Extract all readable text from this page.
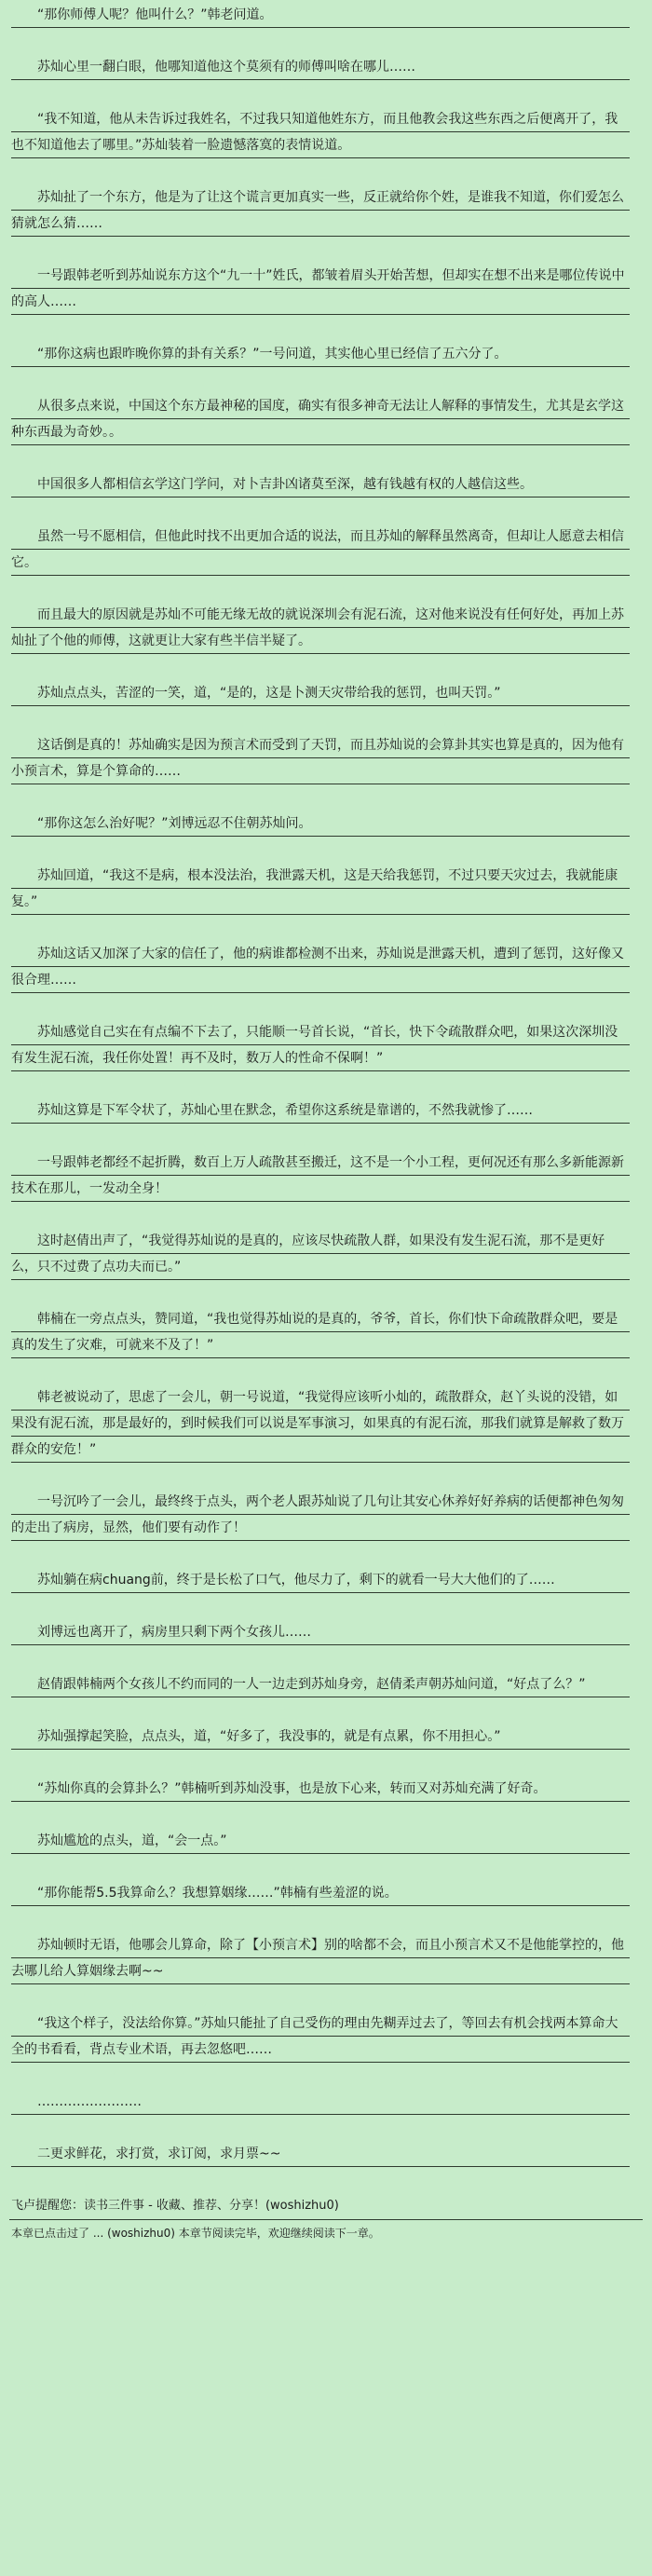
“那你师傅人呢？他叫什么？”韩老问道。
苏灿心里一翻白眼，他哪知道他这个莫须有的师傅叫啥在哪儿……
“我不知道，他从未告诉过我姓名，不过我只知道他姓东方，而且他教会我这些东西之后便离开了，我也不知道他去了哪里。”苏灿装着一脸遗憾落寞的表情说道。
苏灿扯了一个东方，他是为了让这个谎言更加真实一些，反正就给你个姓，是谁我不知道，你们爱怎么猜就怎么猜……
一号跟韩老听到苏灿说东方这个“九一十”姓氏，都皱着眉头开始苦想，但却实在想不出来是哪位传说中的高人……
“那你这病也跟昨晚你算的卦有关系？”一号问道，其实他心里已经信了五六分了。
从很多点来说，中国这个东方最神秘的国度，确实有很多神奇无法让人解释的事情发生，尤其是玄学这种东西最为奇妙。。
中国很多人都相信玄学这门学问，对卜吉卦凶诸莫至深，越有钱越有权的人越信这些。
虽然一号不愿相信，但他此时找不出更加合适的说法，而且苏灿的解释虽然离奇，但却让人愿意去相信它。
而且最大的原因就是苏灿不可能无缘无故的就说深圳会有泥石流，这对他来说没有任何好处，再加上苏灿扯了个他的师傅，这就更让大家有些半信半疑了。
苏灿点点头，苦涩的一笑，道，“是的，这是卜测天灾带给我的惩罚，也叫天罚。”
这话倒是真的！苏灿确实是因为预言术而受到了天罚，而且苏灿说的会算卦其实也算是真的，因为他有小预言术，算是个算命的……
“那你这怎么治好呢？”刘博远忍不住朝苏灿问。
苏灿回道，“我这不是病，根本没法治，我泄露天机，这是天给我惩罚，不过只要天灾过去，我就能康复。”
苏灿这话又加深了大家的信任了，他的病谁都检测不出来，苏灿说是泄露天机，遭到了惩罚，这好像又很合理……
苏灿感觉自己实在有点编不下去了，只能顺一号首长说，“首长，快下令疏散群众吧，如果这次深圳没有发生泥石流，我任你处置！再不及时，数万人的性命不保啊！”
苏灿这算是下军令状了，苏灿心里在默念，希望你这系统是靠谱的，不然我就惨了……
一号跟韩老都经不起折腾，数百上万人疏散甚至搬迁，这不是一个小工程，更何况还有那么多新能源新技术在那儿，一发动全身！
这时赵倩出声了，“我觉得苏灿说的是真的，应该尽快疏散人群，如果没有发生泥石流，那不是更好么，只不过费了点功夫而已。”
韩楠在一旁点点头，赞同道，“我也觉得苏灿说的是真的，爷爷，首长，你们快下命疏散群众吧，要是真的发生了灾难，可就来不及了！”
韩老被说动了，思虑了一会儿，朝一号说道，“我觉得应该听小灿的，疏散群众，赵丫头说的没错，如果没有泥石流，那是最好的，到时候我们可以说是军事演习，如果真的有泥石流，那我们就算是解救了数万群众的安危！”
一号沉吟了一会儿，最终终于点头，两个老人跟苏灿说了几句让其安心休养好好养病的话便都神色匆匆的走出了病房，显然，他们要有动作了！
苏灿躺在病chuang前，终于是长松了口气，他尽力了，剩下的就看一号大大他们的了……
刘博远也离开了，病房里只剩下两个女孩儿……
赵倩跟韩楠两个女孩儿不约而同的一人一边走到苏灿身旁，赵倩柔声朝苏灿问道，“好点了么？”
苏灿强撑起笑脸，点点头，道，“好多了，我没事的，就是有点累，你不用担心。”
“苏灿你真的会算卦么？”韩楠听到苏灿没事，也是放下心来，转而又对苏灿充满了好奇。
苏灿尴尬的点头，道，“会一点。”
“那你能帮5.5我算命么？我想算姻缘……”韩楠有些羞涩的说。
苏灿顿时无语，他哪会儿算命，除了【小预言术】别的啥都不会，而且小预言术又不是他能掌控的，他去哪儿给人算姻缘去啊~~
“我这个样子，没法给你算。”苏灿只能扯了自己受伤的理由先糊弄过去了，等回去有机会找两本算命大全的书看看，背点专业术语，再去忽悠吧……
……………………
二更求鲜花，求打赏，求订阅，求月票~~
飞卢提醒您：读书三件事 - 收藏、推荐、分享！(woshizhu0)
本章已点击过了 ... (woshizhu0) 本章节阅读完毕，欢迎继续阅读下一章。
